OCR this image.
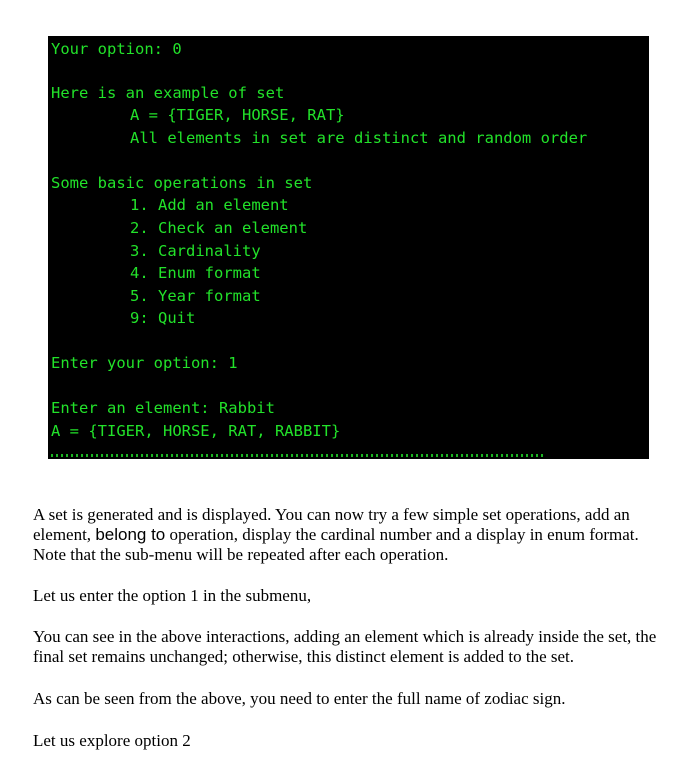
Your option: 0
Here is an example of set
A = {TIGER, HORSE, RAT}
All elements in set are distinct and random order
Some basic operations in set
1. Add an element
2. Check an element
3. Cardinality
4. Enum format
5. Year format
9: Quit
Enter your option: 1
Enter an element: Rabbit
A = {TIGER, HORSE, RAT, RABBIT}

A set is generated and is displayed. You can now try a few simple set operations, add an element, belong to operation, display the cardinal number and a display in enum format. Note that the sub-menu will be repeated after each operation.

Let us enter the option 1 in the submenu,

You can see in the above interactions, adding an element which is already inside the set, the final set remains unchanged; otherwise, this distinct element is added to the set.

As can be seen from the above, you need to enter the full name of zodiac sign.

Let us explore option 2
